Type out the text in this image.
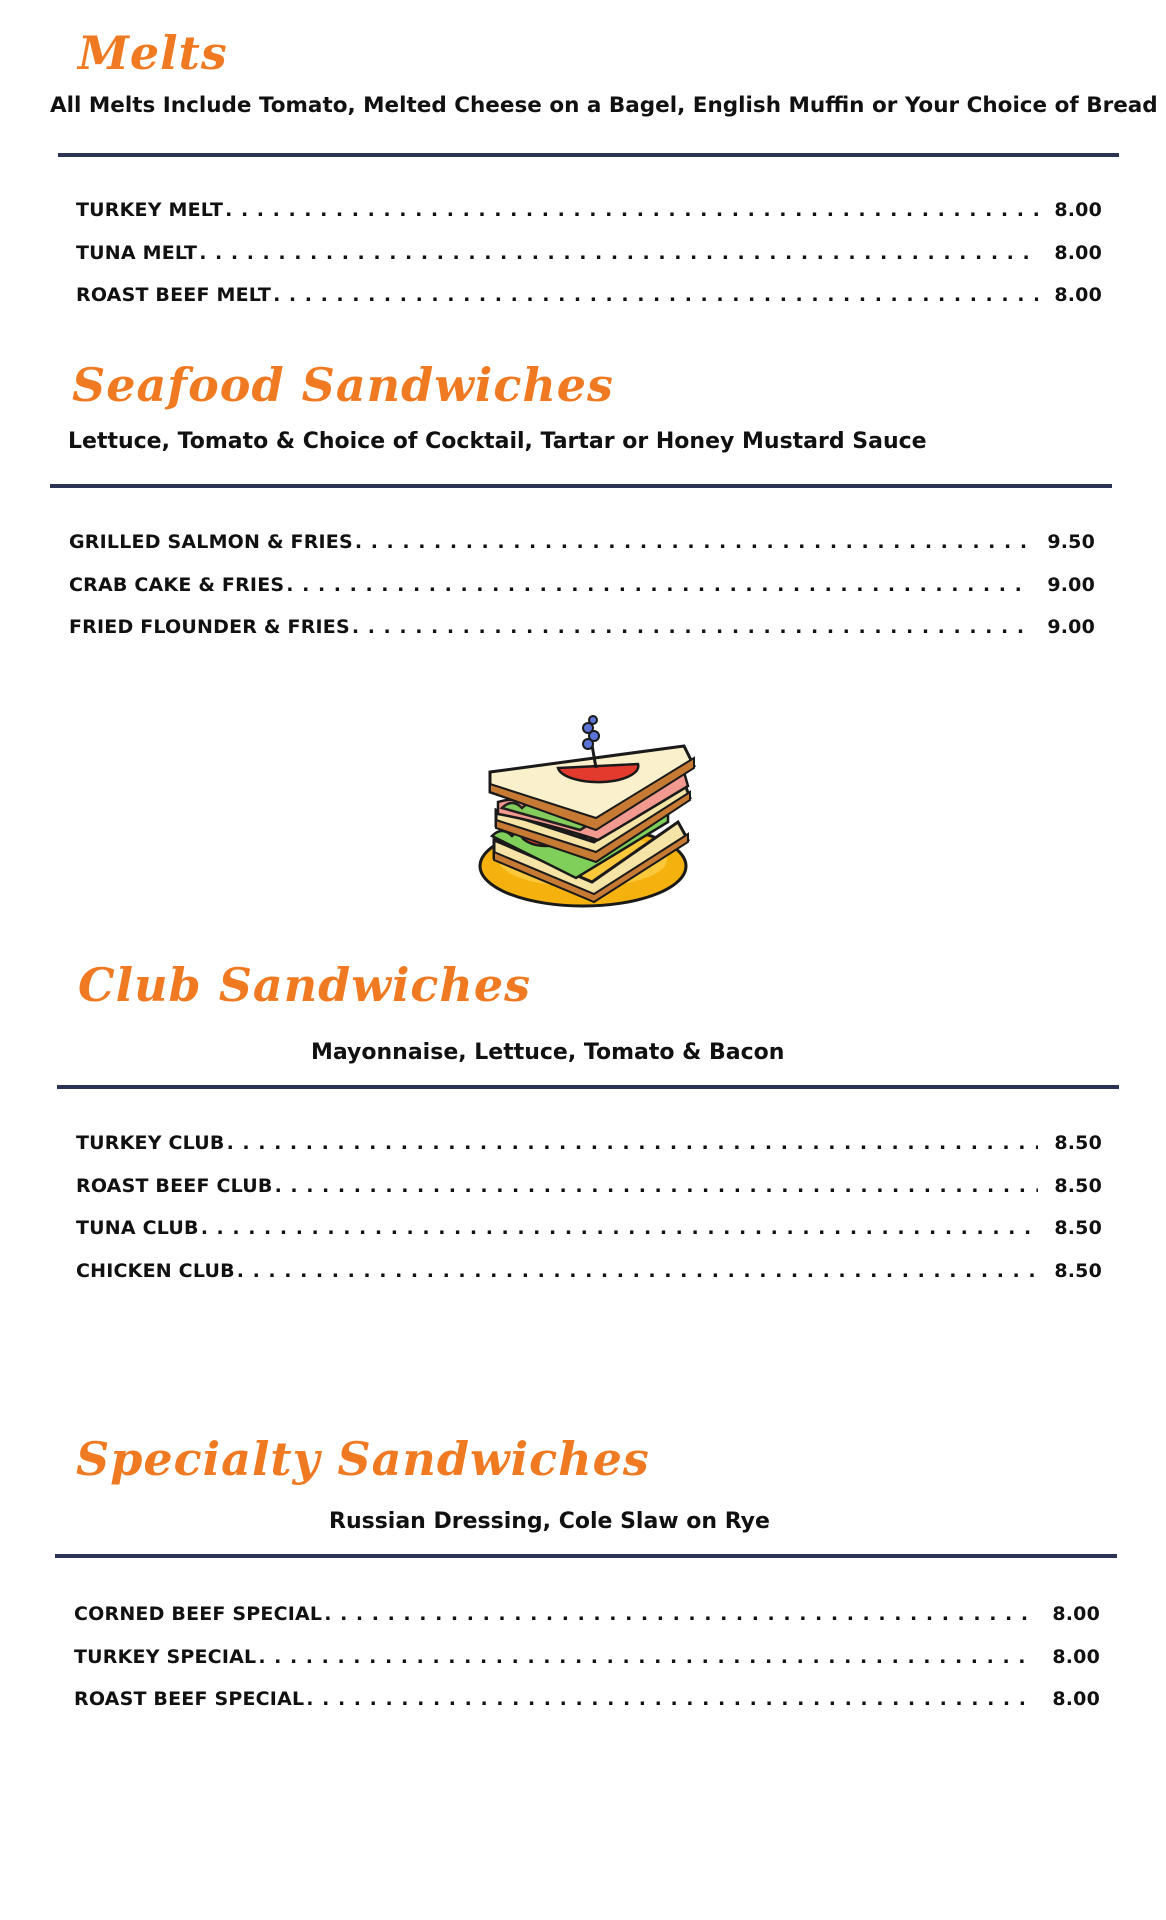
Melts
All Melts Include Tomato, Melted Cheese on a Bagel, English Muffin or Your Choice of Bread
TURKEY MELT . . .	8.00
TUNA MELT . . .	8.00
ROAST BEEF MELT . . .	8.00
Seafood Sandwiches
Lettuce, Tomato & Choice of Cocktail, Tartar or Honey Mustard Sauce
GRILLED SALMON & FRIES . . .	9.50
CRAB CAKE & FRIES . . .	9.00
FRIED FLOUNDER & FRIES . . .	9.00
Club Sandwiches
Mayonnaise, Lettuce, Tomato & Bacon
TURKEY CLUB . . .	8.50
ROAST BEEF CLUB . . .	8.50
TUNA CLUB . . .	8.50
CHICKEN CLUB . . .	8.50
Specialty Sandwiches
Russian Dressing, Cole Slaw on Rye
CORNED BEEF SPECIAL . . .	8.00
TURKEY SPECIAL . . .	8.00
ROAST BEEF SPECIAL . . .	8.00
